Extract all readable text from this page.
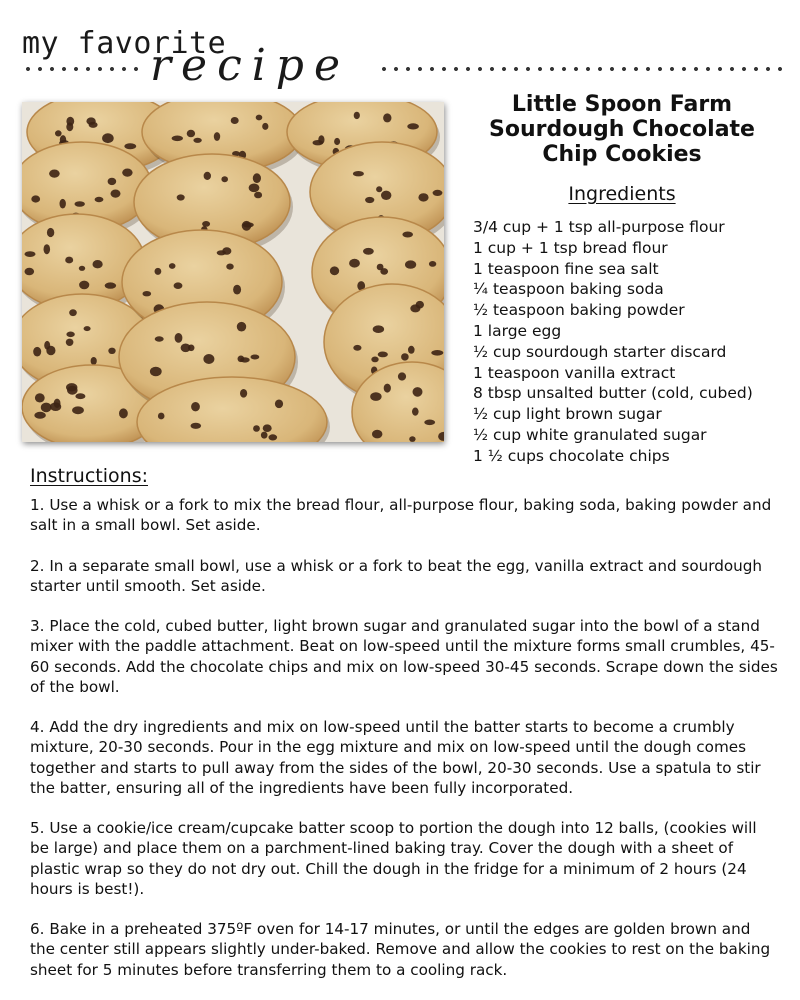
my favorite
recipe
Little Spoon Farm
Sourdough Chocolate
Chip Cookies
Ingredients
3/4 cup + 1 tsp all-purpose flour
1 cup + 1 tsp bread flour
1 teaspoon fine sea salt
¼ teaspoon baking soda
½ teaspoon baking powder
1 large egg
½ cup sourdough starter discard
1 teaspoon vanilla extract
8 tbsp unsalted butter (cold, cubed)
½ cup light brown sugar
½ cup white granulated sugar
1 ½ cups chocolate chips
Instructions:

1. Use a whisk or a fork to mix the bread flour, all-purpose flour, baking soda, baking powder and salt in a small bowl. Set aside.

2. In a separate small bowl, use a whisk or a fork to beat the egg, vanilla extract and sourdough starter until smooth. Set aside.

3. Place the cold, cubed butter, light brown sugar and granulated sugar into the bowl of a stand mixer with the paddle attachment. Beat on low-speed until the mixture forms small crumbles, 45-60 seconds. Add the chocolate chips and mix on low-speed 30-45 seconds. Scrape down the sides of the bowl.

4. Add the dry ingredients and mix on low-speed until the batter starts to become a crumbly mixture, 20-30 seconds. Pour in the egg mixture and mix on low-speed until the dough comes together and starts to pull away from the sides of the bowl, 20-30 seconds. Use a spatula to stir the batter, ensuring all of the ingredients have been fully incorporated.

5. Use a cookie/ice cream/cupcake batter scoop to portion the dough into 12 balls, (cookies will be large) and place them on a parchment-lined baking tray. Cover the dough with a sheet of plastic wrap so they do not dry out. Chill the dough in the fridge for a minimum of 2 hours (24 hours is best!).

6. Bake in a preheated 375ºF oven for 14-17 minutes, or until the edges are golden brown and the center still appears slightly under-baked. Remove and allow the cookies to rest on the baking sheet for 5 minutes before transferring them to a cooling rack.
